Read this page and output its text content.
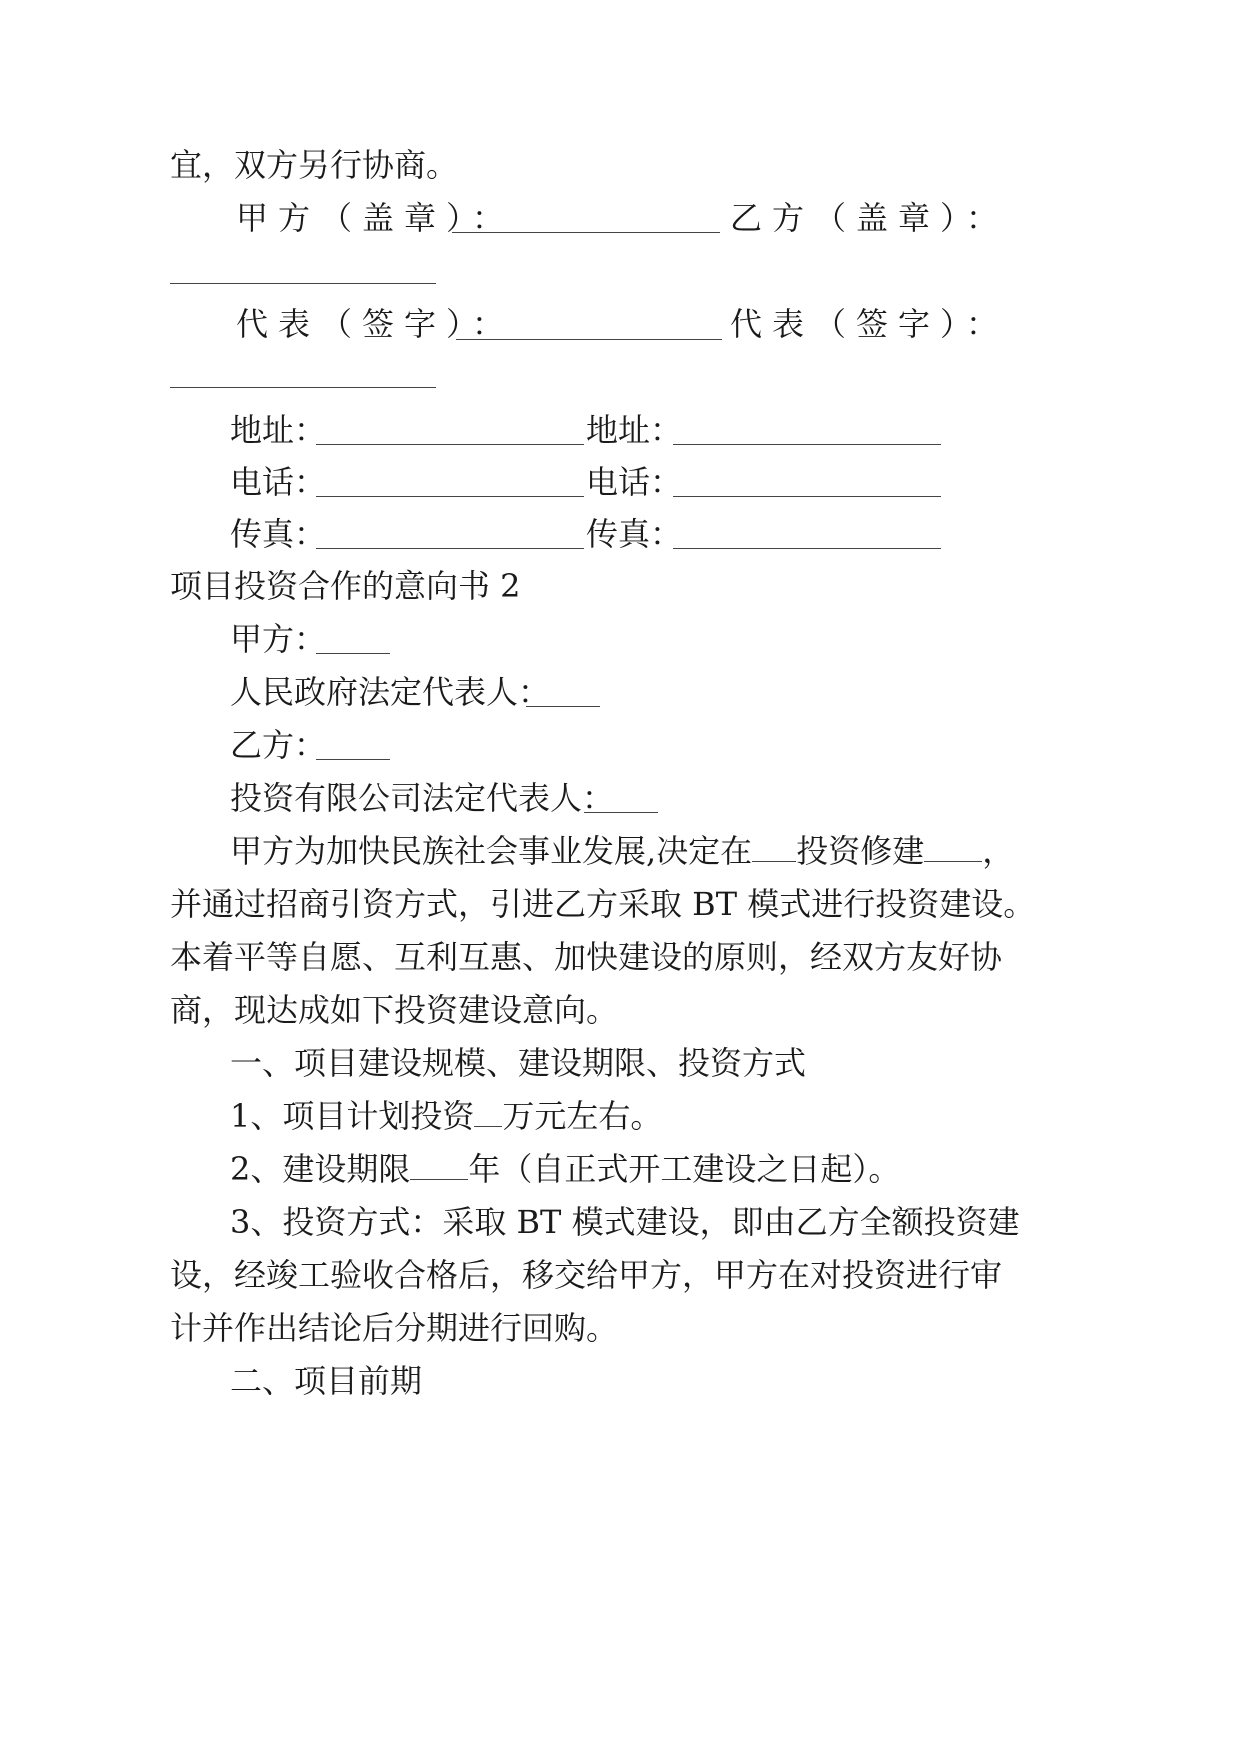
宜，双方另行协商。

甲方（盖章）：	乙方（盖章）：

代表（签字）：	代表（签字）：

地址：	地址：

电话：	电话：

传真：	传真：

项目投资合作的意向书 2

甲方：

人民政府法定代表人：

乙方：

投资有限公司法定代表人：

甲方为加快民族社会事业发展,决定在 投资修建 ，

并通过招商引资方式，引进乙方采取 BT 模式进行投资建设。

本着平等自愿、互利互惠、加快建设的原则，经双方友好协

商，现达成如下投资建设意向。

一、项目建设规模、建设期限、投资方式

1、项目计划投资 万元左右。

2、建设期限 年（自正式开工建设之日起）。

3、投资方式：采取 BT 模式建设，即由乙方全额投资建

设，经竣工验收合格后，移交给甲方，甲方在对投资进行审

计并作出结论后分期进行回购。

二、项目前期
